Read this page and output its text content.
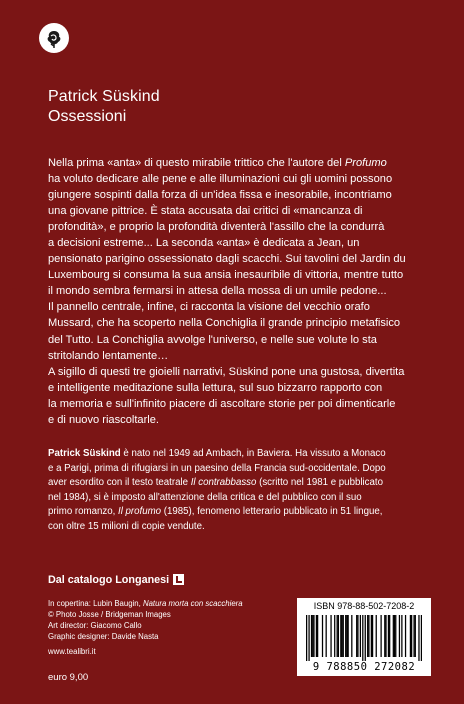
Patrick Süskind
Ossessioni

Nella prima «anta» di questo mirabile trittico che l'autore del Profumo
ha voluto dedicare alle pene e alle illuminazioni cui gli uomini possono
giungere sospinti dalla forza di un'idea fissa e inesorabile, incontriamo
una giovane pittrice. È stata accusata dai critici di «mancanza di
profondità», e proprio la profondità diventerà l'assillo che la condurrà
a decisioni estreme... La seconda «anta» è dedicata a Jean, un
pensionato parigino ossessionato dagli scacchi. Sui tavolini del Jardin du
Luxembourg si consuma la sua ansia inesauribile di vittoria, mentre tutto
il mondo sembra fermarsi in attesa della mossa di un umile pedone...
Il pannello centrale, infine, ci racconta la visione del vecchio orafo
Mussard, che ha scoperto nella Conchiglia il grande principio metafisico
del Tutto. La Conchiglia avvolge l'universo, e nelle sue volute lo sta
stritolando lentamente…

A sigillo di questi tre gioielli narrativi, Süskind pone una gustosa, divertita
e intelligente meditazione sulla lettura, sul suo bizzarro rapporto con
la memoria e sull'infinito piacere di ascoltare storie per poi dimenticarle
e di nuovo riascoltarle.

Patrick Süskind è nato nel 1949 ad Ambach, in Baviera. Ha vissuto a Monaco
e a Parigi, prima di rifugiarsi in un paesino della Francia sud-occidentale. Dopo
aver esordito con il testo teatrale Il contrabbasso (scritto nel 1981 e pubblicato
nel 1984), si è imposto all'attenzione della critica e del pubblico con il suo
primo romanzo, Il profumo (1985), fenomeno letterario pubblicato in 51 lingue,
con oltre 15 milioni di copie vendute.
Dal catalogo Longanesi
In copertina: Lubin Baugin, Natura morta con scacchiera
© Photo Josse / Bridgeman Images
Art director: Giacomo Callo
Graphic designer: Davide Nasta
www.tealibri.it
euro 9,00
ISBN 978-88-502-7208-2
9 788850 272082
